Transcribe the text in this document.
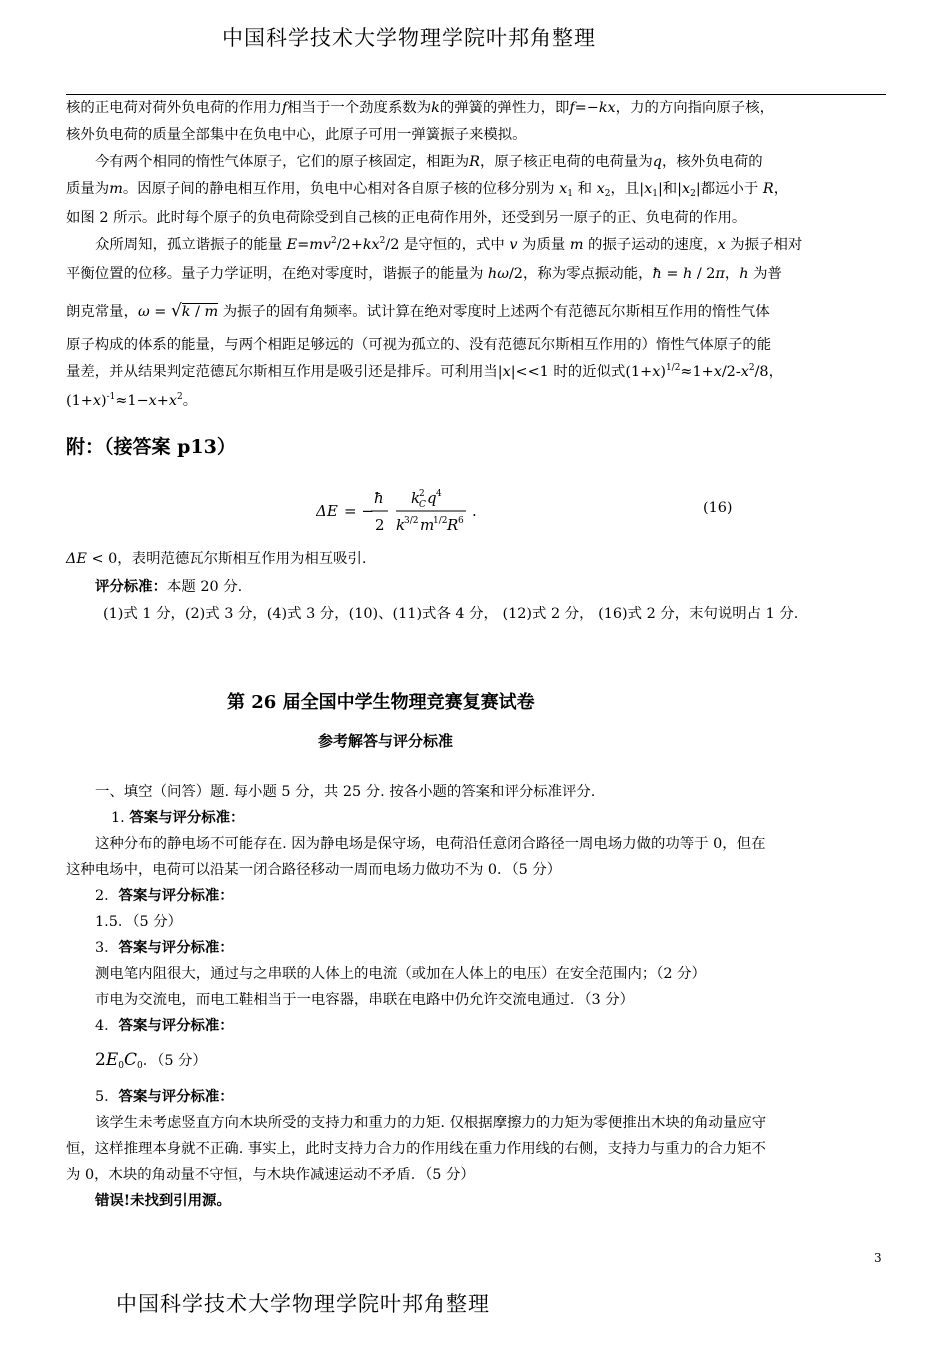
中国科学技术大学物理学院叶邦角整理
核的正电荷对荷外负电荷的作用力f相当于一个劲度系数为k的弹簧的弹性力，即f=−kx，力的方向指向原子核，
核外负电荷的质量全部集中在负电中心，此原子可用一弹簧振子来模拟。
今有两个相同的惰性气体原子，它们的原子核固定，相距为R，原子核正电荷的电荷量为q，核外负电荷的
质量为m。因原子间的静电相互作用，负电中心相对各自原子核的位移分别为 $x_1$ 和 $x_2$，且$|x_1|$和$|x_2|$都远小于 R，
如图 2 所示。此时每个原子的负电荷除受到自己核的正电荷作用外，还受到另一原子的正、负电荷的作用。
众所周知，孤立谐振子的能量 $E=mv^2/2+kx^2/2$ 是守恒的，式中 v 为质量 m 的振子运动的速度，x 为振子相对
平衡位置的位移。量子力学证明，在绝对零度时，谐振子的能量为 hω/2，称为零点振动能，ħ = h / 2π，h 为普
朗克常量，ω = √k / m 为振子的固有角频率。试计算在绝对零度时上述两个有范德瓦尔斯相互作用的惰性气体
原子构成的体系的能量，与两个相距足够远的（可视为孤立的、没有范德瓦尔斯相互作用的）惰性气体原子的能
量差，并从结果判定范德瓦尔斯相互作用是吸引还是排斥。可利用当|x|<<1 时的近似式$(1+x)^{1/2}\approx 1+x/2-x^2/8$，
$(1+x)^{-1}\approx 1-x+x^2$。
附：（接答案 p13）
ΔE = −
ħ
2
k
2
C q 4
k
3/2 m
1/2 R 6
.	(16)
ΔE < 0，表明范德瓦尔斯相互作用为相互吸引.
评分标准：本题 20 分.
(1)式 1 分，(2)式 3 分，(4)式 3 分，(10)、(11)式各 4 分， (12)式 2 分， (16)式 2 分，末句说明占 1 分.
第 26 届全国中学生物理竞赛复赛试卷
参考解答与评分标准
一、填空（问答）题. 每小题 5 分，共 25 分. 按各小题的答案和评分标准评分.
1. 答案与评分标准：
这种分布的静电场不可能存在. 因为静电场是保守场，电荷沿任意闭合路径一周电场力做的功等于 0，但在
这种电场中，电荷可以沿某一闭合路径移动一周而电场力做功不为 0．（5 分）
2．答案与评分标准：
1.5．（5 分）
3．答案与评分标准：
测电笔内阻很大，通过与之串联的人体上的电流（或加在人体上的电压）在安全范围内；（2 分）
市电为交流电，而电工鞋相当于一电容器，串联在电路中仍允许交流电通过．（3 分）
4．答案与评分标准：
$2E_0C_0$．（5 分）
5．答案与评分标准：
该学生未考虑竖直方向木块所受的支持力和重力的力矩. 仅根据摩擦力的力矩为零便推出木块的角动量应守
恒，这样推理本身就不正确. 事实上，此时支持力合力的作用线在重力作用线的右侧，支持力与重力的合力矩不
为 0，木块的角动量不守恒，与木块作减速运动不矛盾．（5 分）
错误!未找到引用源。
3
中国科学技术大学物理学院叶邦角整理
